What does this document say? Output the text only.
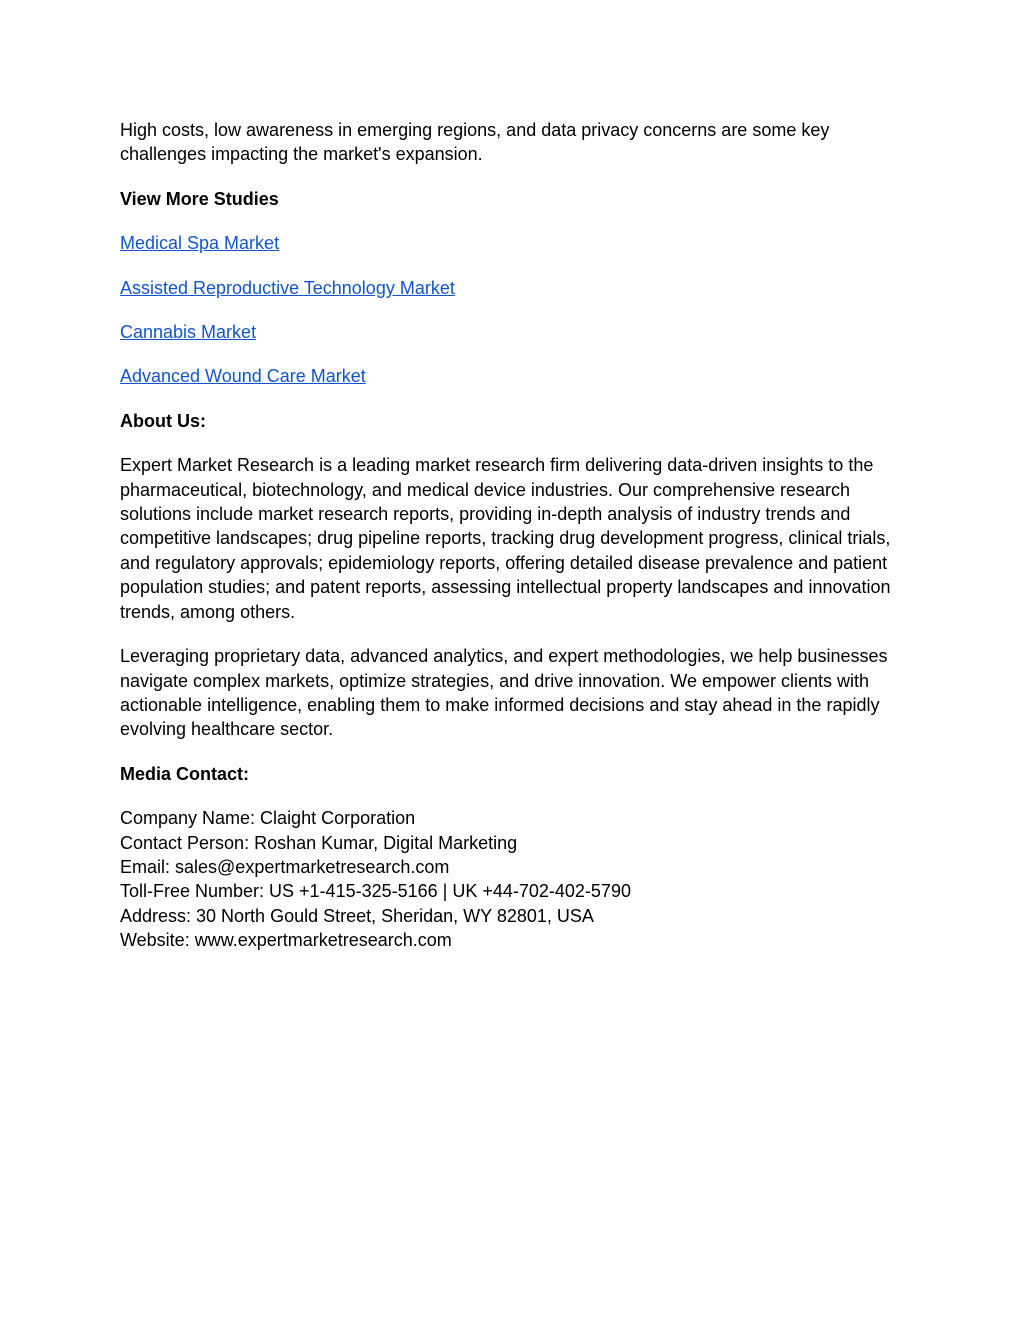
High costs, low awareness in emerging regions, and data privacy concerns are some key challenges impacting the market's expansion.

View More Studies

Medical Spa Market

Assisted Reproductive Technology Market

Cannabis Market

Advanced Wound Care Market

About Us:

Expert Market Research is a leading market research firm delivering data-driven insights to the pharmaceutical, biotechnology, and medical device industries. Our comprehensive research solutions include market research reports, providing in-depth analysis of industry trends and competitive landscapes; drug pipeline reports, tracking drug development progress, clinical trials, and regulatory approvals; epidemiology reports, offering detailed disease prevalence and patient population studies; and patent reports, assessing intellectual property landscapes and innovation trends, among others.

Leveraging proprietary data, advanced analytics, and expert methodologies, we help businesses navigate complex markets, optimize strategies, and drive innovation. We empower clients with actionable intelligence, enabling them to make informed decisions and stay ahead in the rapidly evolving healthcare sector.

Media Contact:

Company Name: Claight Corporation
Contact Person: Roshan Kumar, Digital Marketing
Email: sales@expertmarketresearch.com
Toll-Free Number: US +1-415-325-5166 | UK +44-702-402-5790
Address: 30 North Gould Street, Sheridan, WY 82801, USA
Website: www.expertmarketresearch.com
